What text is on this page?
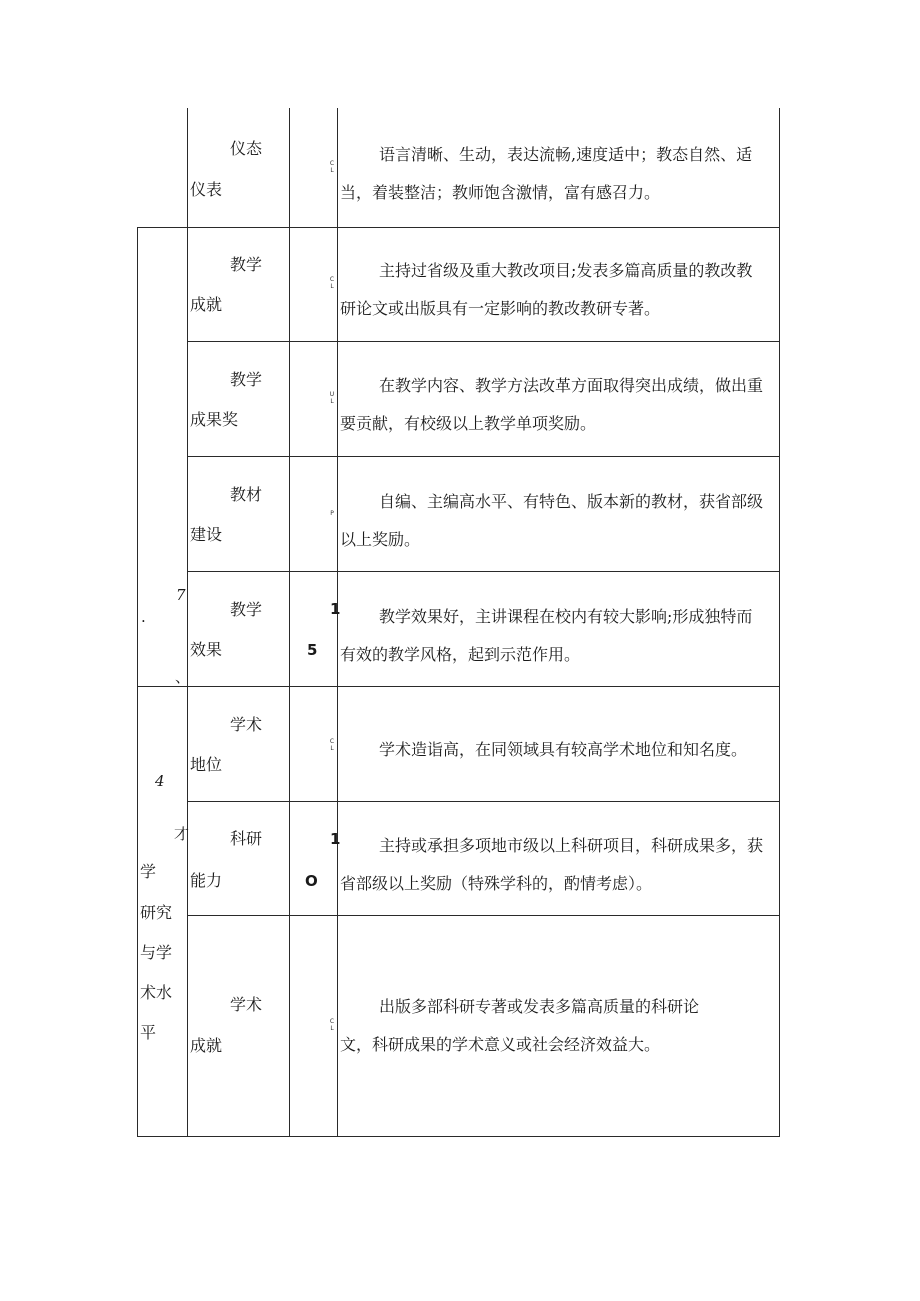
仪态
仪表
C
L
语言清晰、生动，表达流畅,速度适中；教态自然、适
当，着装整洁；教师饱含激情，富有感召力。
教学
成就
C
L
主持过省级及重大教改项目;发表多篇高质量的教改教
研论文或出版具有一定影响的教改教研专著。
教学
成果奖
U
L
在教学内容、教学方法改革方面取得突出成绩，做出重
要贡献，有校级以上教学单项奖励。
教材
建设
P
自编、主编高水平、有特色、版本新的教材，获省部级
以上奖励。
教学
效果
1
5
教学效果好，主讲课程在校内有较大影响;形成独特而
有效的教学风格，起到示范作用。
学术
地位
C
L	学术造诣高，在同领域具有较高学术地位和知名度。
科研
能力
1
O
主持或承担多项地市级以上科研项目，科研成果多，获
省部级以上奖励（特殊学科的，酌情考虑）。
学术
成就
C
L
出版多部科研专著或发表多篇高质量的科研论
文，科研成果的学术意义或社会经济效益大。
7
.
、
4
才
学
研究
与学
术水
平
